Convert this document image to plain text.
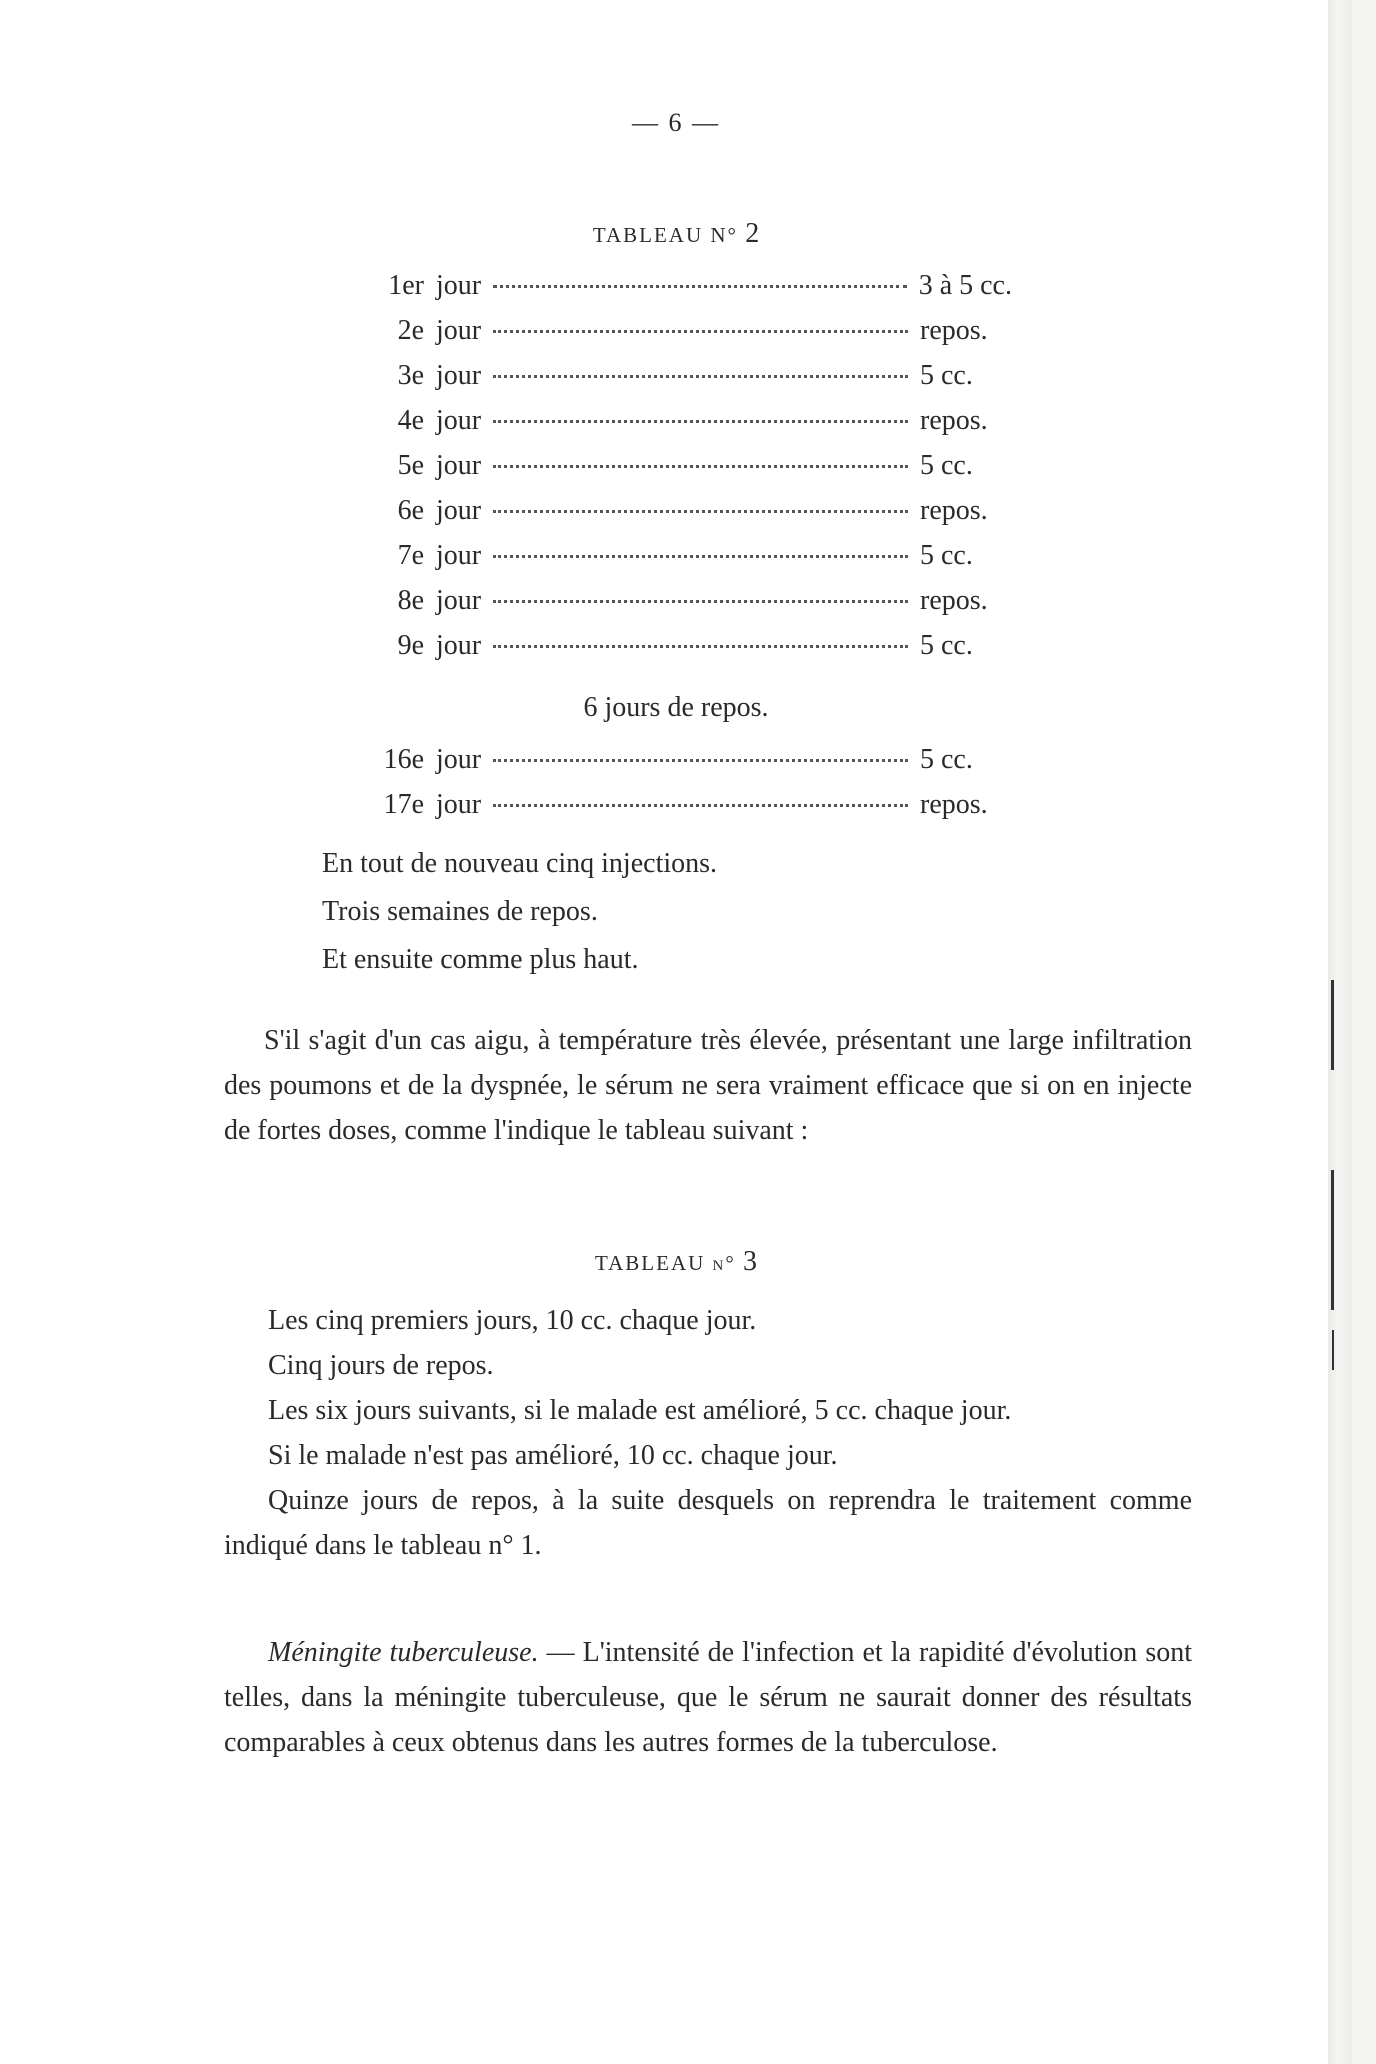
— 6 —
TABLEAU N° 2
1er jour	3 à 5 cc.
2e jour	repos.
3e jour	5 cc.
4e jour	repos.
5e jour	5 cc.
6e jour	repos.
7e jour	5 cc.
8e jour	repos.
9e jour	5 cc.
6 jours de repos.
16e jour	5 cc.
17e jour	repos.
En tout de nouveau cinq injections.
Trois semaines de repos.
Et ensuite comme plus haut.

S'il s'agit d'un cas aigu, à température très élevée, présentant une large infiltration des poumons et de la dyspnée, le sérum ne sera vraiment efficace que si on en injecte de fortes doses, comme l'indique le tableau suivant :

TABLEAU n° 3

Les cinq premiers jours, 10 cc. chaque jour.

Cinq jours de repos.

Les six jours suivants, si le malade est amélioré, 5 cc. chaque jour.

Si le malade n'est pas amélioré, 10 cc. chaque jour.

Quinze jours de repos, à la suite desquels on reprendra le traitement comme indiqué dans le tableau n° 1.

Méningite tuberculeuse. — L'intensité de l'infection et la rapidité d'évolution sont telles, dans la méningite tuberculeuse, que le sérum ne saurait donner des résultats comparables à ceux obtenus dans les autres formes de la tuberculose.
